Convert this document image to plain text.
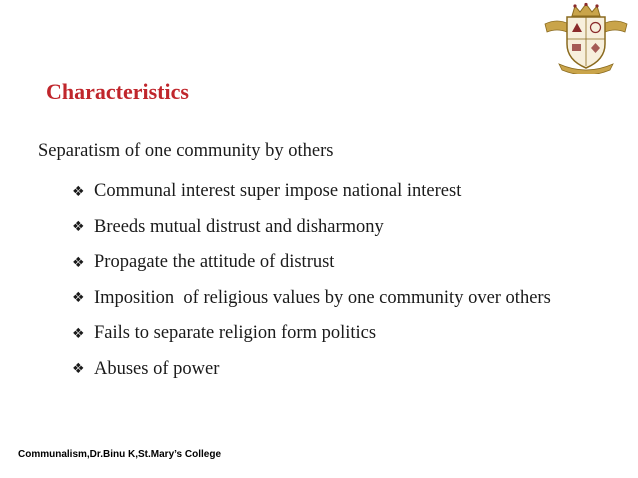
Characteristics

Separatism of one community by others

❖ Communal interest super impose national interest
❖ Breeds mutual distrust and disharmony
❖ Propagate the attitude of distrust
❖ Imposition  of religious values by one community over others
❖ Fails to separate religion form politics
❖ Abuses of power

Communalism,Dr.Binu K,St.Mary’s College
